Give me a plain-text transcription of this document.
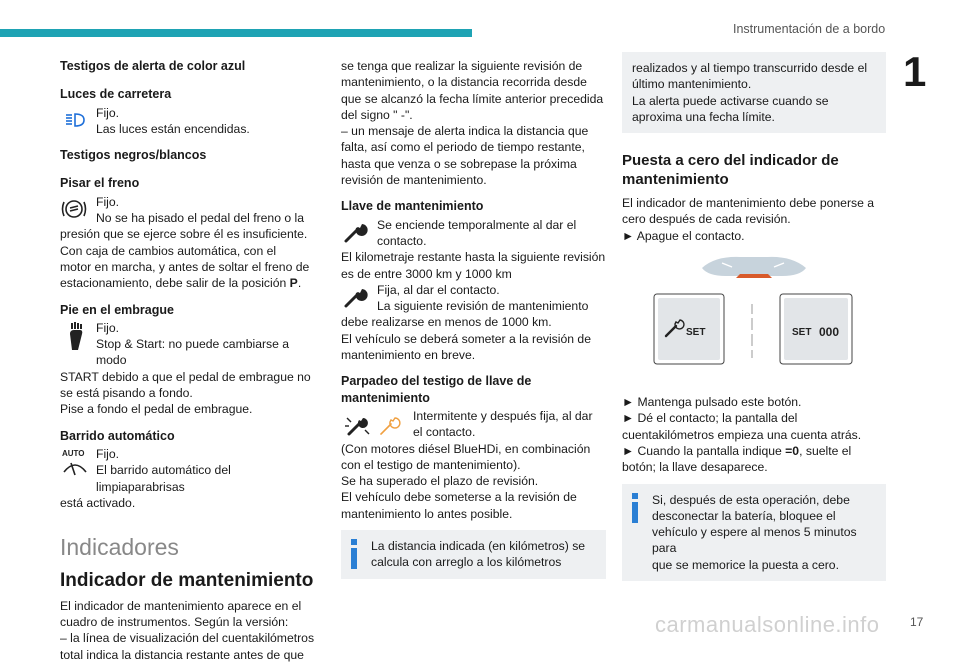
Instrumentación de a bordo
1

Testigos de alerta de color azul

Luces de carretera

Fijo.

Las luces están encendidas.

Testigos negros/blancos

Pisar el freno

Fijo.

No se ha pisado el pedal del freno o la

presión que se ejerce sobre él es insuficiente.

Con caja de cambios automática, con el

motor en marcha, y antes de soltar el freno de

estacionamiento, debe salir de la posición P.

Pie en el embrague

Fijo.

Stop & Start: no puede cambiarse a modo

START debido a que el pedal de embrague no

se está pisando a fondo.

Pise a fondo el pedal de embrague.

Barrido automático

AUTO Fijo.

El barrido automático del limpiaparabrisas

está activado.

Indicadores

Indicador de mantenimiento

El indicador de mantenimiento aparece en el

cuadro de instrumentos. Según la versión:

– la línea de visualización del cuentakilómetros

total indica la distancia restante antes de que

se tenga que realizar la siguiente revisión de

mantenimiento, o la distancia recorrida desde

que se alcanzó la fecha límite anterior precedida

del signo " -".

– un mensaje de alerta indica la distancia que

falta, así como el periodo de tiempo restante,

hasta que venza o se sobrepase la próxima

revisión de mantenimiento.

Llave de mantenimiento

Se enciende temporalmente al dar el

contacto.

El kilometraje restante hasta la siguiente revisión

es de entre 3000 km y 1000 km

Fija, al dar el contacto.

La siguiente revisión de mantenimiento

debe realizarse en menos de 1000 km.

El vehículo se deberá someter a la revisión de

mantenimiento en breve.

Parpadeo del testigo de llave de mantenimiento

Intermitente y después fija, al dar

el contacto.

(Con motores diésel BlueHDi, en combinación

con el testigo de mantenimiento).

Se ha superado el plazo de revisión.

El vehículo debe someterse a la revisión de

mantenimiento lo antes posible.

La distancia indicada (en kilómetros) se

calcula con arreglo a los kilómetros

realizados y al tiempo transcurrido desde el

último mantenimiento.

La alerta puede activarse cuando se

aproxima una fecha límite.

Puesta a cero del indicador de mantenimiento

El indicador de mantenimiento debe ponerse a

cero después de cada revisión.

► Apague el contacto.

SET	SET 000

► Mantenga pulsado este botón.

► Dé el contacto; la pantalla del

cuentakilómetros empieza una cuenta atrás.

► Cuando la pantalla indique =0, suelte el

botón; la llave desaparece.

Si, después de esta operación, debe

desconectar la batería, bloquee el

vehículo y espere al menos 5 minutos para

que se memorice la puesta a cero.

carmanualsonline.info	17
